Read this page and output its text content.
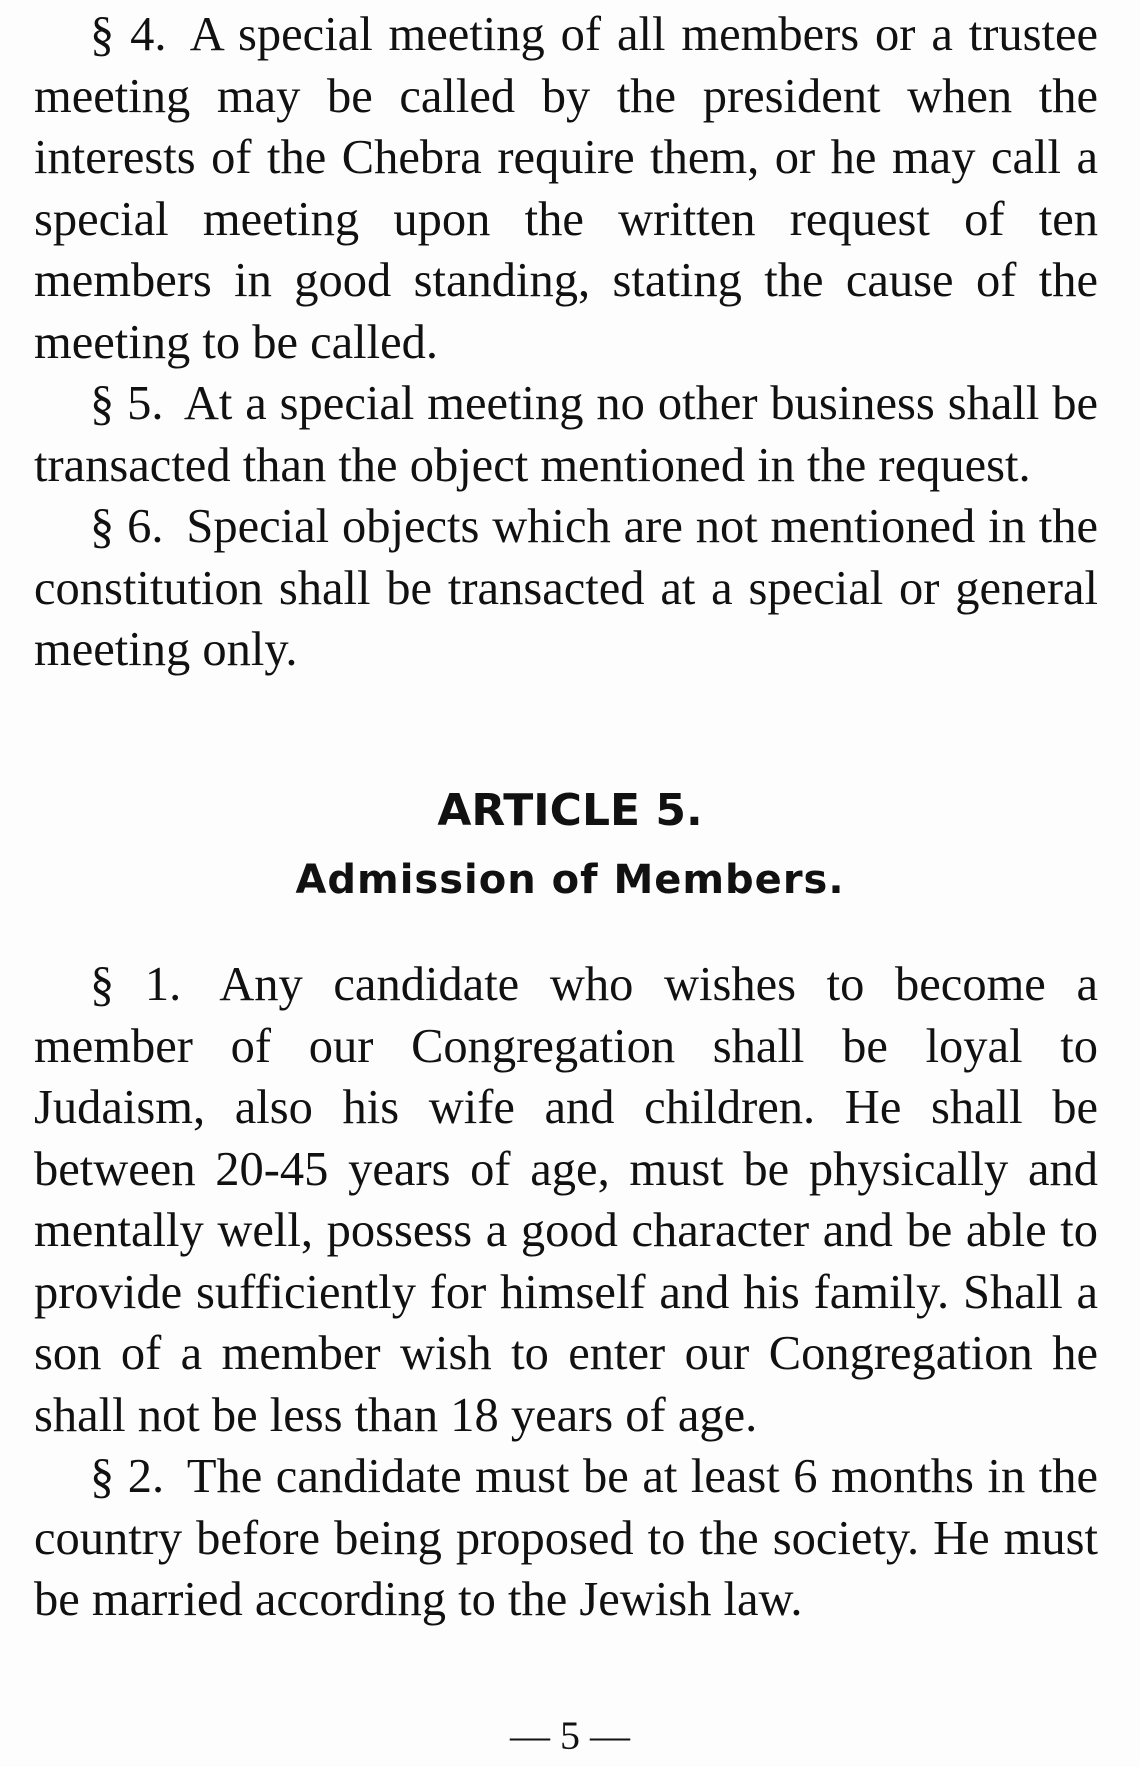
§ 4. A special meeting of all members or a trustee meeting may be called by the president when the interests of the Chebra require them, or he may call a special meeting upon the written request of ten members in good standing, stating the cause of the meeting to be called.

§ 5. At a special meeting no other business shall be transacted than the object mentioned in the request.

§ 6. Special objects which are not mentioned in the constitution shall be transacted at a special or general meeting only.

ARTICLE 5.
Admission of Members.

§ 1. Any candidate who wishes to become a member of our Congregation shall be loyal to Judaism, also his wife and children. He shall be between 20-45 years of age, must be physically and mentally well, possess a good character and be able to provide sufficiently for himself and his family. Shall a son of a member wish to enter our Congregation he shall not be less than 18 years of age.

§ 2. The candidate must be at least 6 months in the country before being proposed to the society. He must be married according to the Jewish law.

— 5 —
